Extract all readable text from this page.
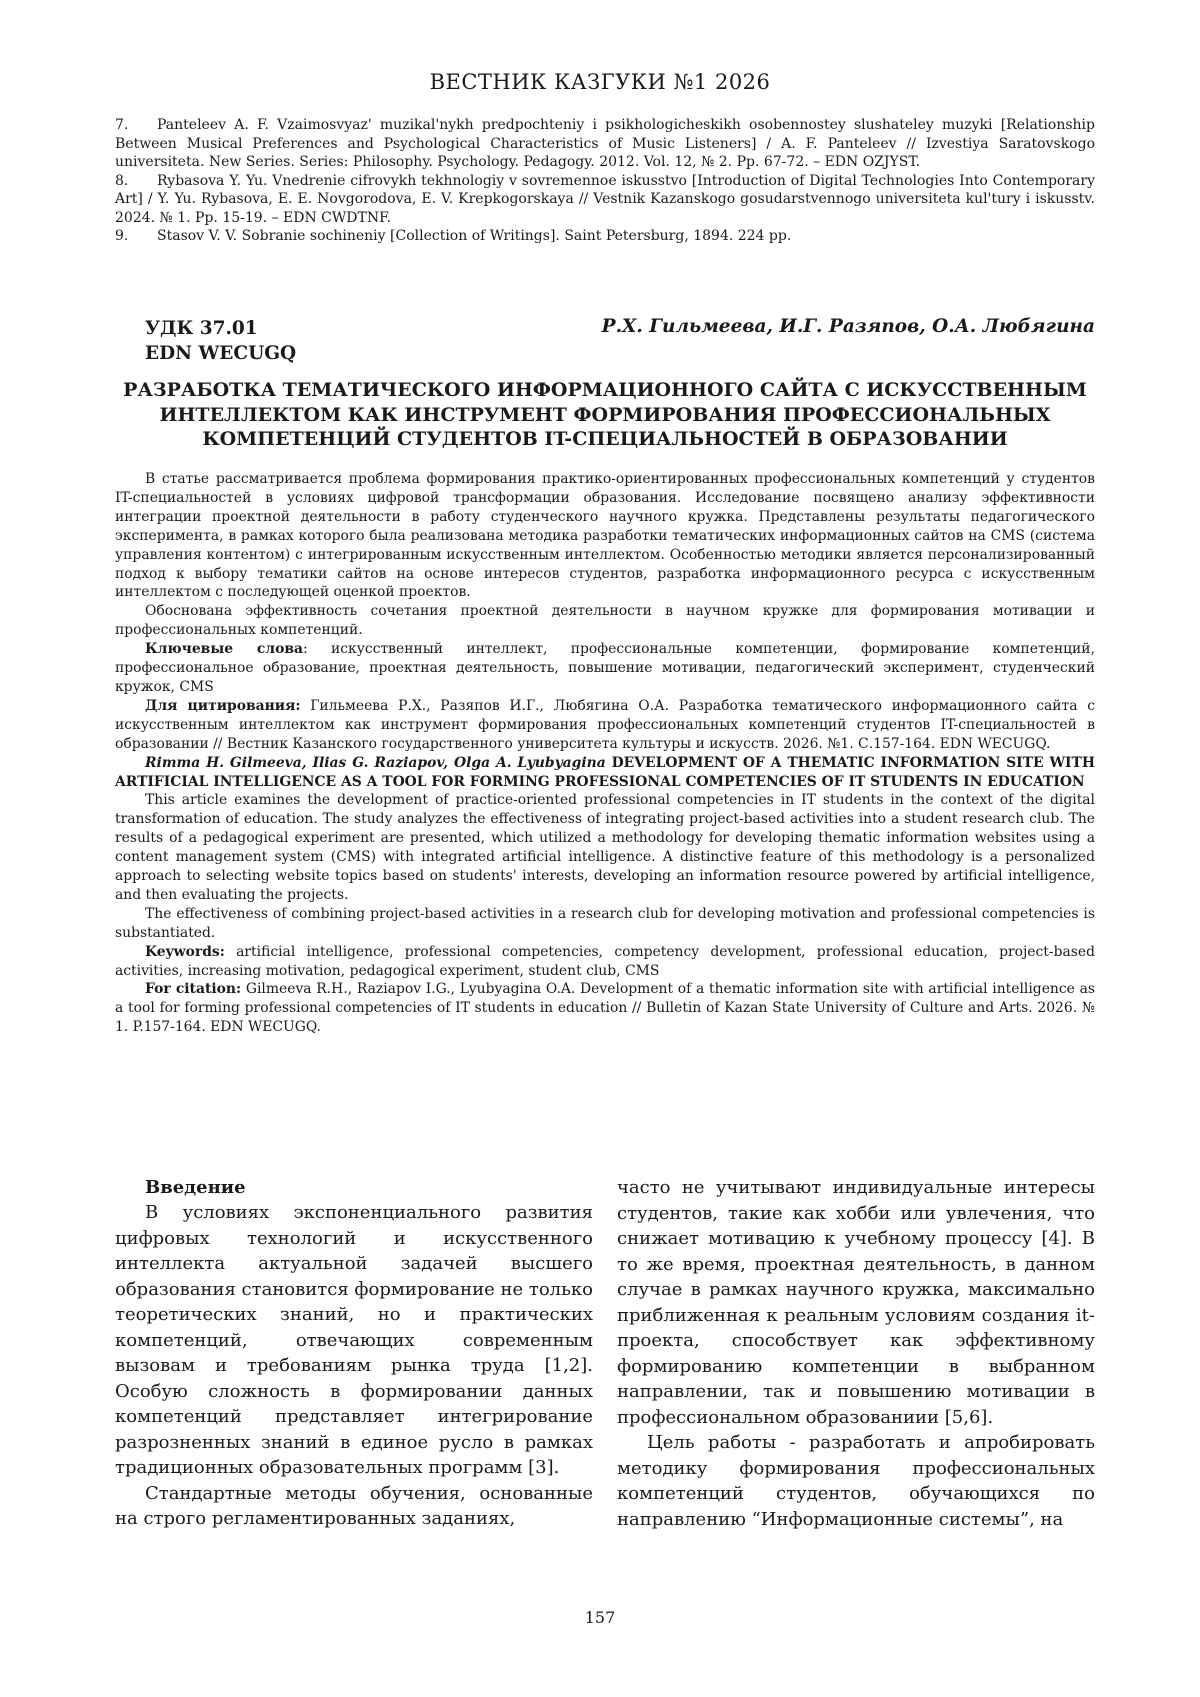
ВЕСТНИК КАЗГУКИ №1 2026

7. Panteleev A. F. Vzaimosvyaz' muzikal'nykh predpochteniy i psikhologicheskikh osobennostey slushateley muzyki [Relationship Between Musical Preferences and Psychological Characteristics of Music Listeners] / A. F. Panteleev // Izvestiya Saratovskogo universiteta. New Series. Series: Philosophy. Psychology. Pedagogy. 2012. Vol. 12, № 2. Pp. 67-72. – EDN OZJYST.

8. Rybasova Y. Yu. Vnedrenie cifrovykh tekhnologiy v sovremennoe iskusstvo [Introduction of Digital Technologies Into Contemporary Art] / Y. Yu. Rybasova, E. E. Novgorodova, E. V. Krepkogorskaya // Vestnik Kazanskogo gosudarstvennogo universiteta kul'tury i iskusstv. 2024. № 1. Pp. 15-19. – EDN CWDTNF.

9. Stasov V. V. Sobranie sochineniy [Collection of Writings]. Saint Petersburg, 1894. 224 pp.

УДК 37.01
EDN WECUGQ
Р.Х. Гильмеева, И.Г. Разяпов, О.А. Любягина
РАЗРАБОТКА ТЕМАТИЧЕСКОГО ИНФОРМАЦИОННОГО САЙТА С ИСКУССТВЕННЫМ ИНТЕЛЛЕКТОМ КАК ИНСТРУМЕНТ ФОРМИРОВАНИЯ ПРОФЕССИОНАЛЬНЫХ КОМПЕТЕНЦИЙ СТУДЕНТОВ IT-СПЕЦИАЛЬНОСТЕЙ В ОБРАЗОВАНИИ

В статье рассматривается проблема формирования практико-ориентированных профессиональных компетенций у студентов IT-специальностей в условиях цифровой трансформации образования. Исследование посвящено анализу эффективности интеграции проектной деятельности в работу студенческого научного кружка. Представлены результаты педагогического эксперимента, в рамках которого была реализована методика разработки тематических информационных сайтов на CMS (система управления контентом) с интегрированным искусственным интеллектом. Особенностью методики является персонализированный подход к выбору тематики сайтов на основе интересов студентов, разработка информационного ресурса с искусственным интеллектом с последующей оценкой проектов.

Обоснована эффективность сочетания проектной деятельности в научном кружке для формирования мотивации и профессиональных компетенций.

Ключевые слова: искусственный интеллект, профессиональные компетенции, формирование компетенций, профессиональное образование, проектная деятельность, повышение мотивации, педагогический эксперимент, студенческий кружок, CMS

Для цитирования: Гильмеева Р.Х., Разяпов И.Г., Любягина О.А. Разработка тематического информационного сайта с искусственным интеллектом как инструмент формирования профессиональных компетенций студентов IT-специальностей в образовании // Вестник Казанского государственного университета культуры и искусств. 2026. №1. С.157-164. EDN WECUGQ.

Rimma H. Gilmeeva, Ilias G. Raziapov, Olga A. Lyubyagina DEVELOPMENT OF A THEMATIC INFORMATION SITE WITH ARTIFICIAL INTELLIGENCE AS A TOOL FOR FORMING PROFESSIONAL COMPETENCIES OF IT STUDENTS IN EDUCATION

This article examines the development of practice-oriented professional competencies in IT students in the context of the digital transformation of education. The study analyzes the effectiveness of integrating project-based activities into a student research club. The results of a pedagogical experiment are presented, which utilized a methodology for developing thematic information websites using a content management system (CMS) with integrated artificial intelligence. A distinctive feature of this methodology is a personalized approach to selecting website topics based on students' interests, developing an information resource powered by artificial intelligence, and then evaluating the projects.

The effectiveness of combining project-based activities in a research club for developing motivation and professional competencies is substantiated.

Keywords: artificial intelligence, professional competencies, competency development, professional education, project-based activities, increasing motivation, pedagogical experiment, student club, CMS

For citation: Gilmeeva R.H., Raziapov I.G., Lyubyagina O.A. Development of a thematic information site with artificial intelligence as a tool for forming professional competencies of IT students in education // Bulletin of Kazan State University of Culture and Arts. 2026. № 1. P.157-164. EDN WECUGQ.

Введение

В условиях экспоненциального развития цифровых технологий и искусственного интеллекта актуальной задачей высшего образования становится формирование не только теоретических знаний, но и практических компетенций, отвечающих современным вызовам и требованиям рынка труда [1,2]. Особую сложность в формировании данных компетенций представляет интегрирование разрозненных знаний в единое русло в рамках традиционных образовательных программ [3].

Стандартные методы обучения, основанные на строго регламентированных заданиях,

часто не учитывают индивидуальные интересы студентов, такие как хобби или увлечения, что снижает мотивацию к учебному процессу [4]. В то же время, проектная деятельность, в данном случае в рамках научного кружка, максимально приближенная к реальным условиям создания it-проекта, способствует как эффективному формированию компетенции в выбранном направлении, так и повышению мотивации в профессиональном образованиии [5,6].

Цель работы - разработать и апробировать методику формирования профессиональных компетенций студентов, обучающихся по направлению “Информационные системы”, на

157
